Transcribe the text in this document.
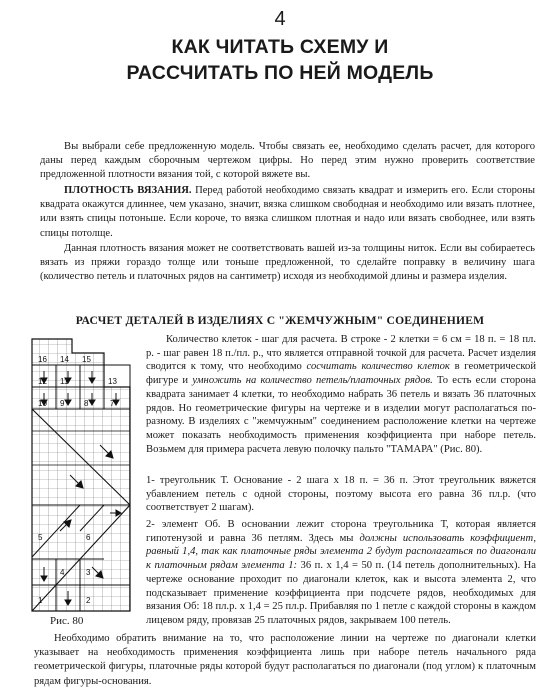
4
КАК ЧИТАТЬ СХЕМУ И
РАССЧИТАТЬ ПО НЕЙ МОДЕЛЬ
Вы выбрали себе предложенную модель. Чтобы связать ее, необходимо сделать расчет, для которого даны перед каждым сборочным чертежом цифры. Но перед этим нужно проверить соответствие предложенной плотности вязания той, с которой вяжете вы.
ПЛОТНОСТЬ ВЯЗАНИЯ. Перед работой необходимо связать квадрат и измерить его. Если стороны квадрата окажутся длиннее, чем указано, значит, вязка слишком свободная и необходимо или вязать плотнее, или взять спицы потоньше. Если короче, то вязка слишком плотная и надо или вязать свободнее, или взять спицы потолще.
Данная плотность вязания может не соответствовать вашей из-за толщины ниток. Если вы собираетесь вязать из пряжи гораздо толще или тоньше предложенной, то сделайте поправку в величину шага (количество петель и платочных рядов на сантиметр) исходя из необходимой длины и размера изделия.
РАСЧЕТ ДЕТАЛЕЙ В ИЗДЕЛИЯХ С "ЖЕМЧУЖНЫМ" СОЕДИНЕНИЕМ
16 14 15
12 11	13
10 9 8	7
5	6
4	3
1	2
Рис. 80
Количество клеток - шаг для расчета. В строке - 2 клетки = 6 см = 18 п. = 18 пл. р. - шаг равен 18 п./пл. р., что является отправной точкой для расчета. Расчет изделия сводится к тому, что необходимо сосчитать количество клеток в геометрической фигуре и умножить на количество петель/платочных рядов. То есть если сторона квадрата занимает 4 клетки, то необходимо набрать 36 петель и вязать 36 платочных рядов. Но геометрические фигуры на чертеже и в изделии могут располагаться по-разному. В изделиях с "жемчужным" соединением расположение клетки на чертеже может показать необходимость применения коэффициента при наборе петель. Возьмем для примера расчета левую полочку пальто "ТАМАРА" (Рис. 80).
1- треугольник Т. Основание - 2 шага х 18 п. = 36 п. Этот треугольник вяжется убавлением петель с одной стороны, поэтому высота его равна 36 пл.р. (что соответствует 2 шагам).
2- элемент Об. В основании лежит сторона треугольника Т, которая является гипотенузой и равна 36 петлям. Здесь мы должны использовать коэффициент, равный 1,4, так как платочные ряды элемента 2 будут располагаться по диагонали к платочным рядам элемента 1: 36 п. х 1,4 = 50 п. (14 петель дополнительных). На чертеже основание проходит по диагонали клеток, как и высота элемента 2, что подсказывает применение коэффициента при подсчете рядов, необходимых для вязания Об: 18 пл.р. х 1,4 = 25 пл.р. Прибавляя по 1 петле с каждой стороны в каждом лицевом ряду, провязав 25 платочных рядов, закрываем 100 петель.
Необходимо обратить внимание на то, что расположение линии на чертеже по диагонали клетки указывает на необходимость применения коэффициента лишь при наборе петель начального ряда геометрической фигуры, платочные ряды которой будут располагаться по диагонали (под углом) к платочным рядам фигуры-основания.
